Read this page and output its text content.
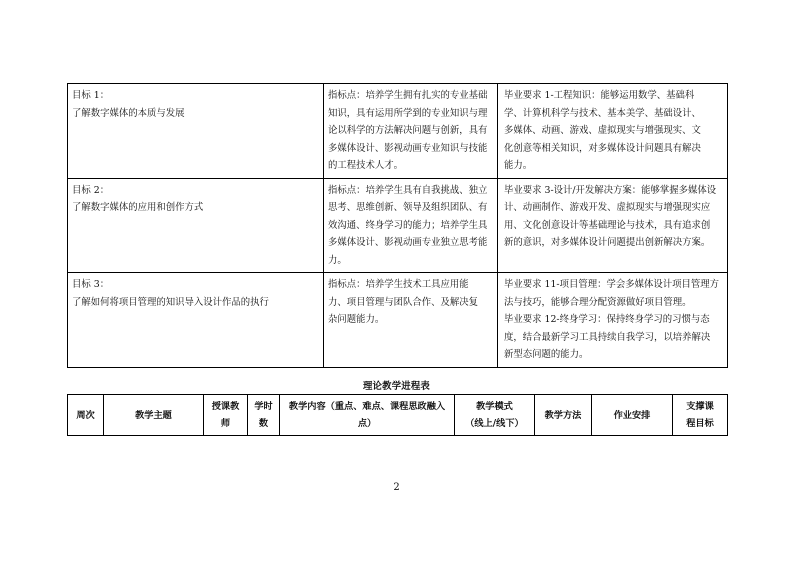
目标 1：
了解数字媒体的本质与发展	指标点：培养学生拥有扎实的专业基础
知识，具有运用所学到的专业知识与理
论以科学的方法解决问题与创新，具有
多媒体设计、影视动画专业知识与技能
的工程技术人才。	毕业要求 1-工程知识：能够运用数学、基础科
学、计算机科学与技术、基本美学、基础设计、
多媒体、动画、游戏、虚拟现实与增强现实、文
化创意等相关知识，对多媒体设计问题具有解决
能力。

目标 2：
了解数字媒体的应用和创作方式	指标点：培养学生具有自我挑战、独立
思考、思维创新、领导及组织团队、有
效沟通、终身学习的能力；培养学生具
多媒体设计、影视动画专业独立思考能
力。	毕业要求 3-设计/开发解决方案：能够掌握多媒体设
计、动画制作、游戏开发、虚拟现实与增强现实应
用、文化创意设计等基础理论与技术，具有追求创
新的意识，对多媒体设计问题提出创新解决方案。

目标 3：
了解如何将项目管理的知识导入设计作品的执行	指标点：培养学生技术工具应用能
力、项目管理与团队合作、及解决复
杂问题能力。	毕业要求 11-项目管理：学会多媒体设计项目管理方
法与技巧，能够合理分配资源做好项目管理。
毕业要求 12-终身学习：保持终身学习的习惯与态
度，结合最新学习工具持续自我学习，以培养解决
新型态问题的能力。

理论教学进程表
周次	教学主题	授课教
师	学时
数	教学内容（重点、难点、课程思政融入
点）	教学模式
（线上/线下）	教学方法	作业安排	支撑课
程目标
2
